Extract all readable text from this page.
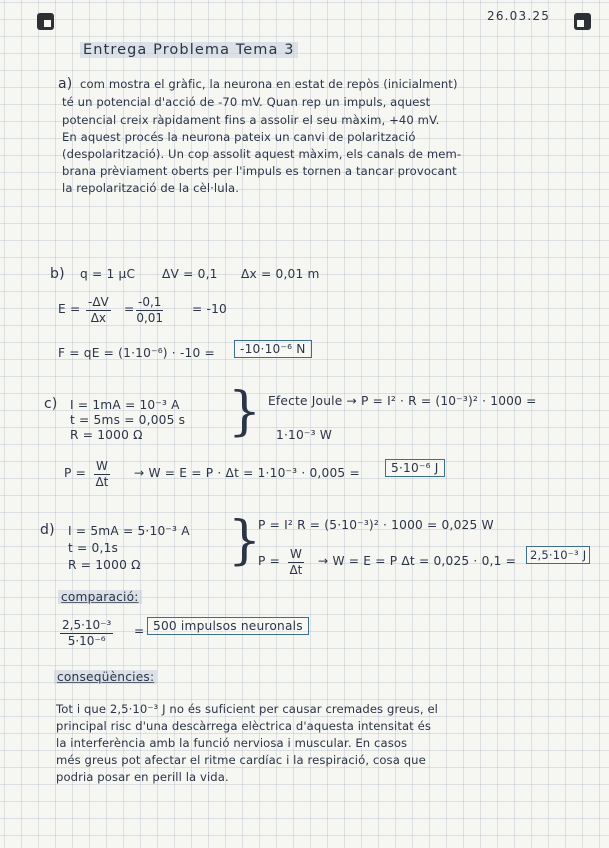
26.03.25
Entrega Problema Tema 3
a) com mostra el gràfic, la neurona en estat de repòs (inicialment)
té un potencial d'acció de -70 mV. Quan rep un impuls, aquest
potencial creix ràpidament fins a assolir el seu màxim, +40 mV.
En aquest procés la neurona pateix un canvi de polarització
(despolarització). Un cop assolit aquest màxim, els canals de mem-
brana prèviament oberts per l'impuls es tornen a tancar provocant
la repolarització de la cèl·lula.
b) q = 1 μC ΔV = 0,1 Δx = 0,01 m
$E = \frac{-\Delta V}{\Delta x} = \frac{-0,1}{0,01} = -10$
F = qE = (1·10⁻⁶) · -10 =	-10·10⁻⁶ N
c) I = 1mA = 10⁻³ A
t = 5ms = 0,005 s
R = 1000 Ω } Efecte Joule → P = I² · R = (10⁻³)² · 1000 =
1·10⁻³ W
$P = \frac{W}{\Delta t} \to W = E = P \cdot \Delta t = 1\cdot 10^{-3} \cdot 0,005$ =	5·10⁻⁶ J
d) I = 5mA = 5·10⁻³ A
t = 0,1s
R = 1000 Ω }
P = I² R = (5·10⁻³)² · 1000 = 0,025 W
$P = \frac{W}{\Delta t} \to W = E = P$ Δt = 0,025 · 0,1 =	2,5·10⁻³ J
comparació:
$\frac{\text{2,5·10⁻³}}{\text{5·10⁻⁶}} = 500$ impulsos neuronals
conseqüències:
Tot i que 2,5·10⁻³ J no és suficient per causar cremades greus, el
principal risc d'una descàrrega elèctrica d'aquesta intensitat és
la interferència amb la funció nerviosa i muscular. En casos
més greus pot afectar el ritme cardíac i la respiració, cosa que
podria posar en perill la vida.
